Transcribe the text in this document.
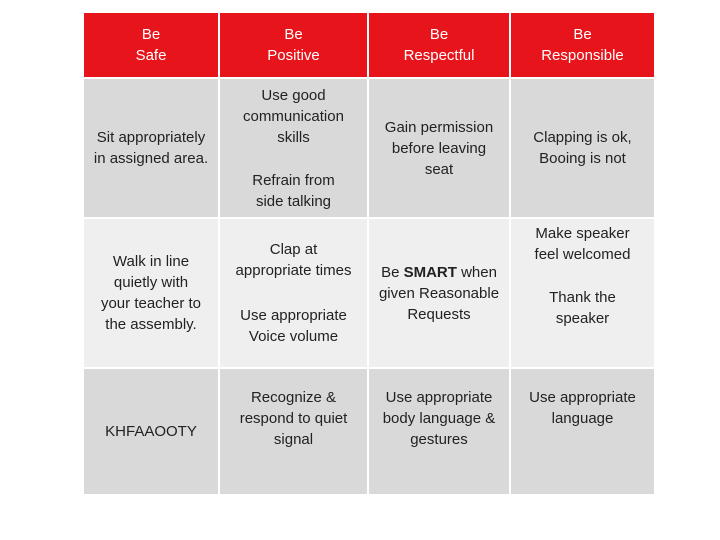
Be
Safe
Be
Positive
Be
Respectful
Be
Responsible
Sit appropriately
in assigned area.
Use good
communication
skills
Refrain from
side talking
Gain permission
before leaving
seat
Clapping is ok,
Booing is not
Walk in line
quietly with
your teacher to
the assembly.
Clap at
appropriate times
Use appropriate
Voice volume
Be SMART when
given Reasonable
Requests
Make speaker
feel welcomed
Thank the
speaker
KHFAAOOTY
Recognize &
respond to quiet
signal
Use appropriate
body language &
gestures
Use appropriate
language
